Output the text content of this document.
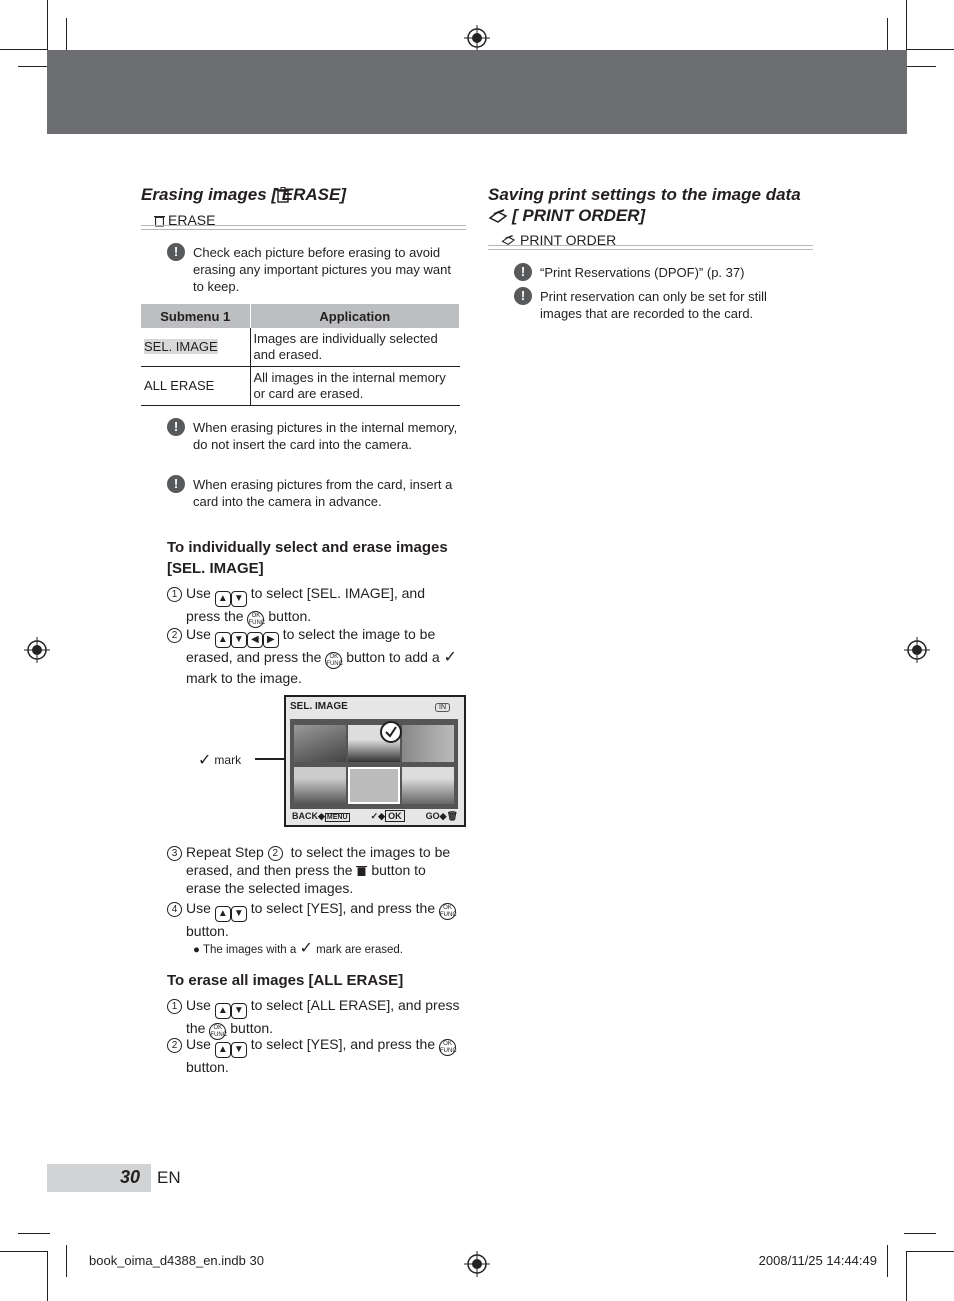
Erasing images [ ERASE]
ERASE
!	Check each picture before erasing to avoid erasing any important pictures you may want to keep.
Submenu 1	Application
SEL. IMAGE	Images are individually selected and erased.
ALL ERASE	All images in the internal memory or card are erased.
!	When erasing pictures in the internal memory, do not insert the card into the camera.
!	When erasing pictures from the card, insert a card into the camera in advance.
To individually select and erase images [SEL. IMAGE]
1 Use ▲ ▼ to select [SEL. IMAGE], and press the OK FUNC button.
2 Use ▲ ▼ ◀ ▶ to select the image to be erased, and press the OK FUNC button to add a ✓ mark to the image.
✓ mark
SEL. IMAGE	IN
BACK◆ MENU	✓◆ OK	GO◆🗑
3 Repeat Step 2 to select the images to be erased, and then press the button to erase the selected images.
4 Use ▲ ▼ to select [YES], and press the OK FUNC button.
● The images with a ✓ mark are erased.
To erase all images [ALL ERASE]
1 Use ▲ ▼ to select [ALL ERASE], and press the OK FUNC button.
2 Use ▲ ▼ to select [YES], and press the OK FUNC button.
Saving print settings to the image data
[ PRINT ORDER]
PRINT ORDER
!	“Print Reservations (DPOF)” (p. 37)
!	Print reservation can only be set for still images that are recorded to the card.
30 EN
book_oima_d4388_en.indb 30	2008/11/25 14:44:49
